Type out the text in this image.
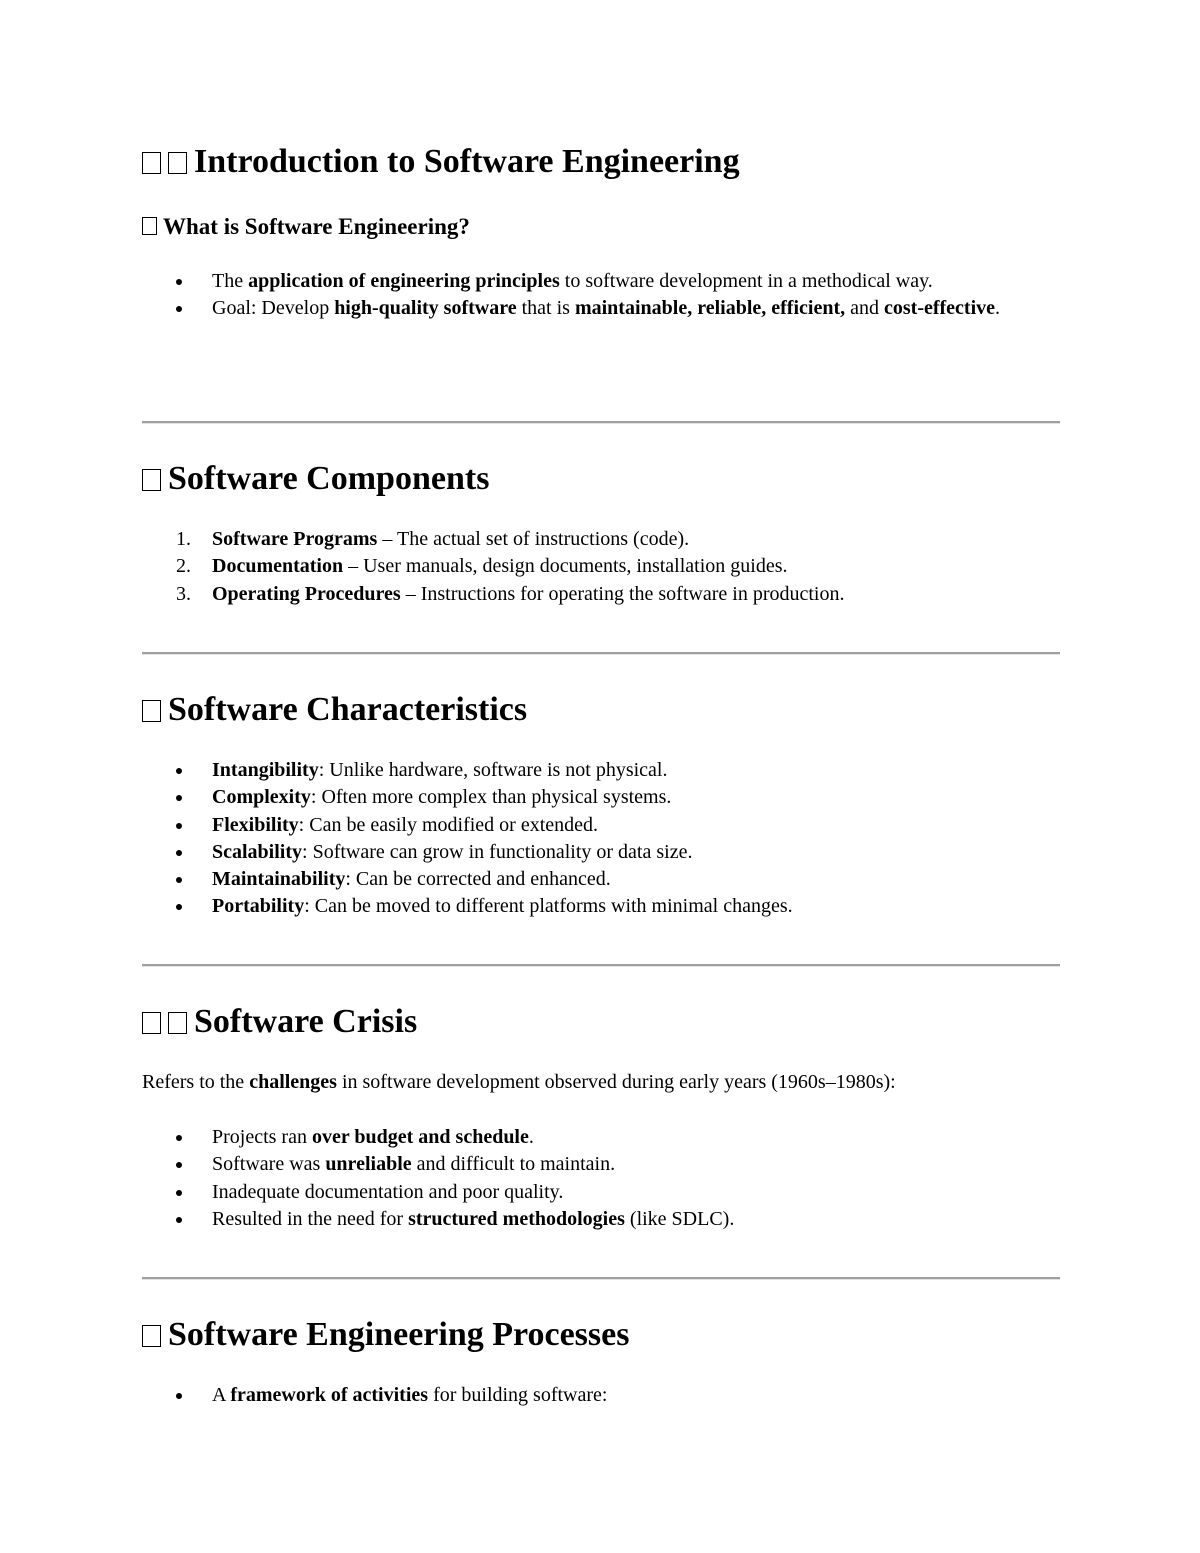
Introduction to Software Engineering
What is Software Engineering?
The application of engineering principles to software development in a methodical way.
Goal: Develop high-quality software that is maintainable, reliable, efficient, and cost-effective.
Software Components
1. Software Programs – The actual set of instructions (code).
2. Documentation – User manuals, design documents, installation guides.
3. Operating Procedures – Instructions for operating the software in production.
Software Characteristics
Intangibility: Unlike hardware, software is not physical.
Complexity: Often more complex than physical systems.
Flexibility: Can be easily modified or extended.
Scalability: Software can grow in functionality or data size.
Maintainability: Can be corrected and enhanced.
Portability: Can be moved to different platforms with minimal changes.
Software Crisis

Refers to the challenges in software development observed during early years (1960s–1980s):

Projects ran over budget and schedule.
Software was unreliable and difficult to maintain.
Inadequate documentation and poor quality.
Resulted in the need for structured methodologies (like SDLC).
Software Engineering Processes
A framework of activities for building software:
